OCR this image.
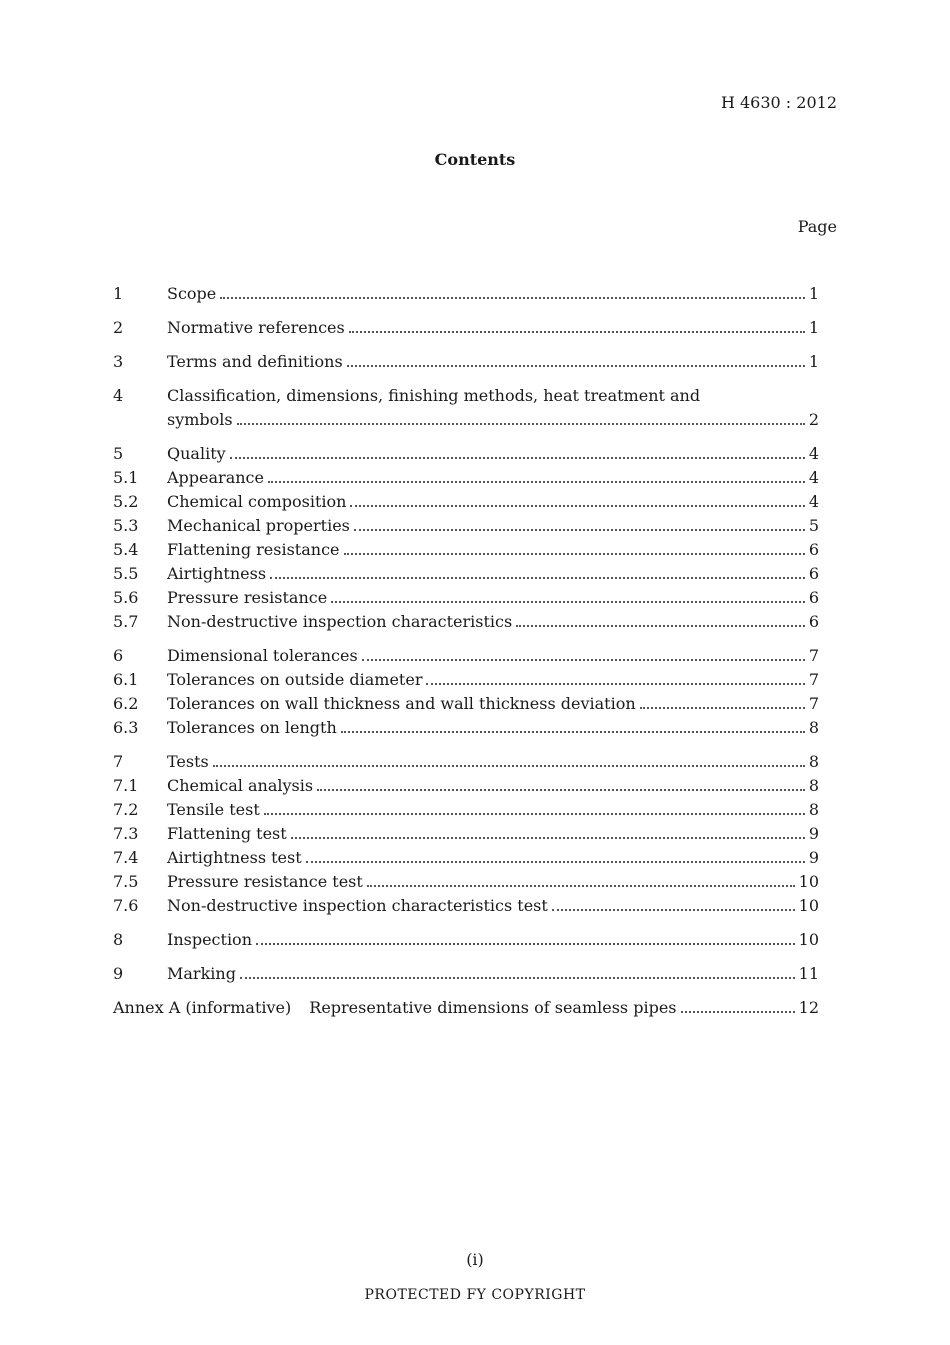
H 4630 : 2012
Contents
Page
1	Scope	1
2	Normative references	1
3	Terms and definitions	1
4	Classification, dimensions, finishing methods, heat treatment and
symbols	2
5	Quality	4
5.1	Appearance	4
5.2	Chemical composition	4
5.3	Mechanical properties	5
5.4	Flattening resistance	6
5.5	Airtightness	6
5.6	Pressure resistance	6
5.7	Non-destructive inspection characteristics	6
6	Dimensional tolerances	7
6.1	Tolerances on outside diameter	7
6.2	Tolerances on wall thickness and wall thickness deviation	7
6.3	Tolerances on length	8
7	Tests	8
7.1	Chemical analysis	8
7.2	Tensile test	8
7.3	Flattening test	9
7.4	Airtightness test	9
7.5	Pressure resistance test	10
7.6	Non-destructive inspection characteristics test	10
8	Inspection	10
9	Marking	11
Annex A (informative) Representative dimensions of seamless pipes	12
(i)
PROTECTED FY COPYRIGHT
